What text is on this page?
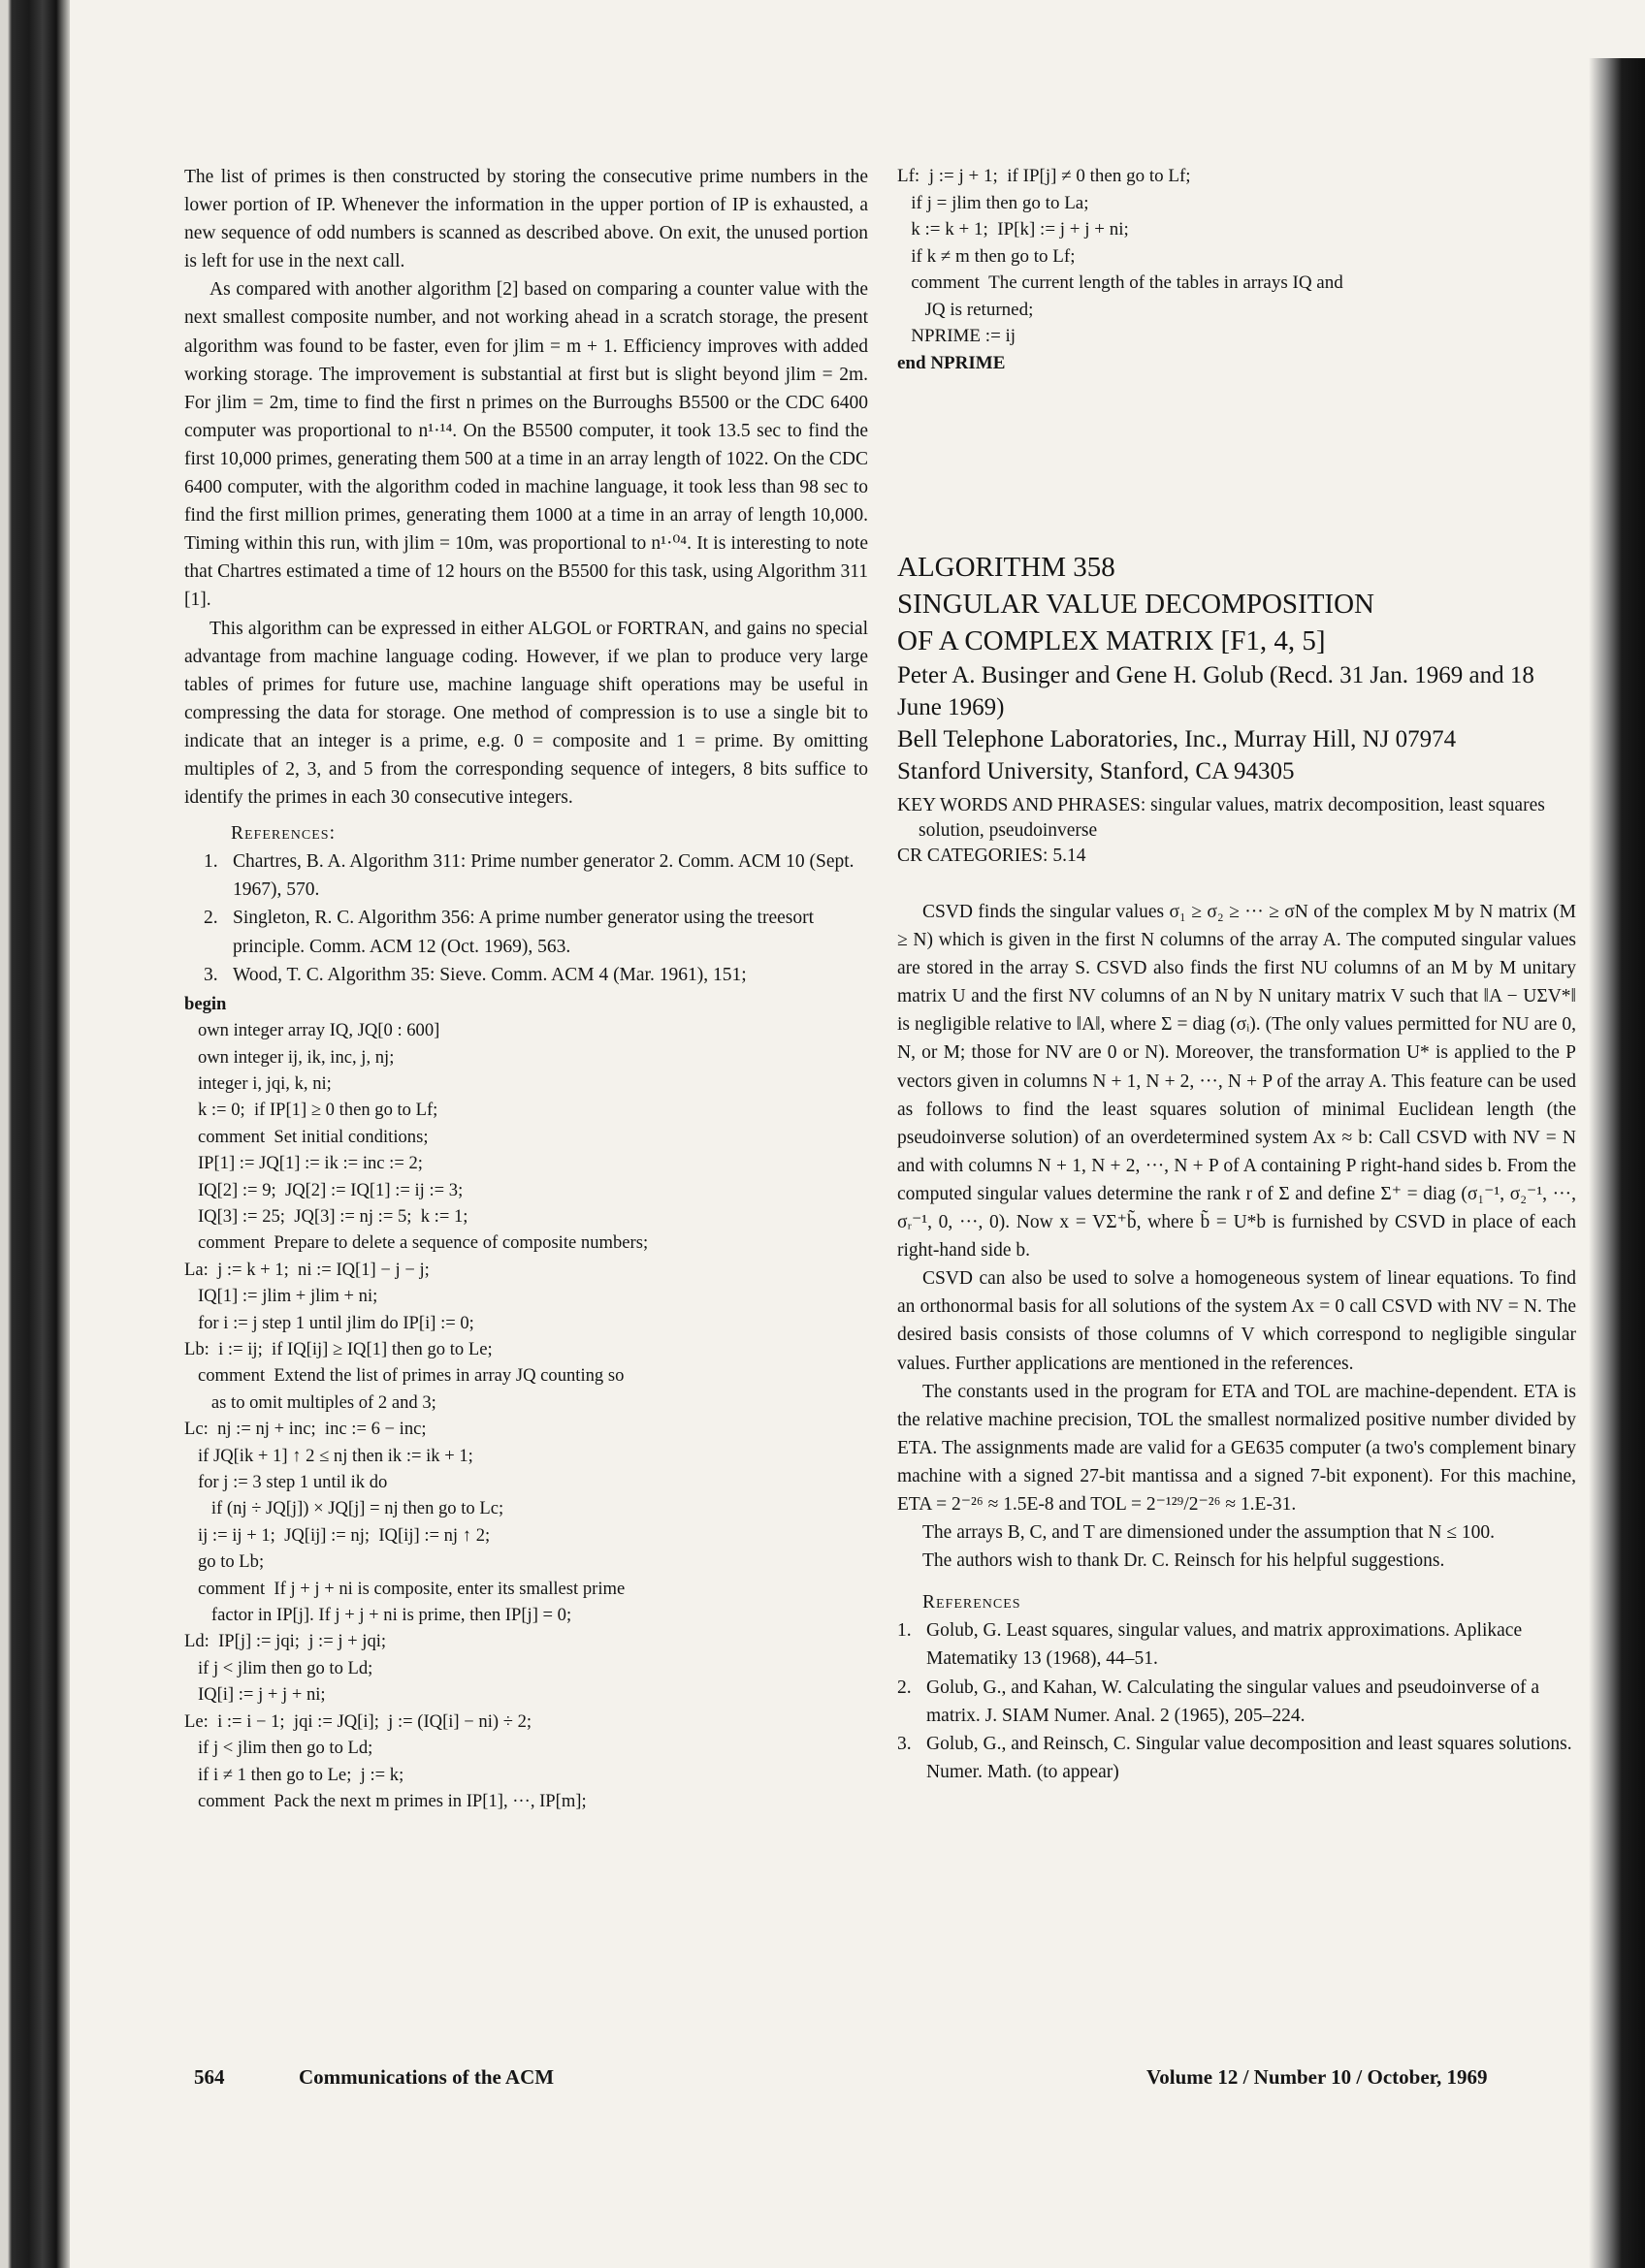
The list of primes is then constructed by storing the consecutive prime numbers in the lower portion of IP. Whenever the information in the upper portion of IP is exhausted, a new sequence of odd numbers is scanned as described above. On exit, the unused portion is left for use in the next call.

As compared with another algorithm [2] based on comparing a counter value with the next smallest composite number, and not working ahead in a scratch storage, the present algorithm was found to be faster, even for jlim = m + 1. Efficiency improves with added working storage. The improvement is substantial at first but is slight beyond jlim = 2m. For jlim = 2m, time to find the first n primes on the Burroughs B5500 or the CDC 6400 computer was proportional to n¹·¹⁴. On the B5500 computer, it took 13.5 sec to find the first 10,000 primes, generating them 500 at a time in an array length of 1022. On the CDC 6400 computer, with the algorithm coded in machine language, it took less than 98 sec to find the first million primes, generating them 1000 at a time in an array of length 10,000. Timing within this run, with jlim = 10m, was proportional to n¹·⁰⁴. It is interesting to note that Chartres estimated a time of 12 hours on the B5500 for this task, using Algorithm 311 [1].

This algorithm can be expressed in either ALGOL or FORTRAN, and gains no special advantage from machine language coding. However, if we plan to produce very large tables of primes for future use, machine language shift operations may be useful in compressing the data for storage. One method of compression is to use a single bit to indicate that an integer is a prime, e.g. 0 = composite and 1 = prime. By omitting multiples of 2, 3, and 5 from the corresponding sequence of integers, 8 bits suffice to identify the primes in each 30 consecutive integers.

References:
1. Chartres, B. A. Algorithm 311: Prime number generator 2. Comm. ACM 10 (Sept. 1967), 570.
2. Singleton, R. C. Algorithm 356: A prime number generator using the treesort principle. Comm. ACM 12 (Oct. 1969), 563.
3. Wood, T. C. Algorithm 35: Sieve. Comm. ACM 4 (Mar. 1961), 151;
begin
own integer array IQ, JQ[0 : 600]
own integer ij, ik, inc, j, nj;
integer i, jqi, k, ni;
k := 0;  if IP[1] ≥ 0 then go to Lf;
comment  Set initial conditions;
IP[1] := JQ[1] := ik := inc := 2;
IQ[2] := 9;  JQ[2] := IQ[1] := ij := 3;
IQ[3] := 25;  JQ[3] := nj := 5;  k := 1;
comment  Prepare to delete a sequence of composite numbers;
La:  j := k + 1;  ni := IQ[1] − j − j;
IQ[1] := jlim + jlim + ni;
for i := j step 1 until jlim do IP[i] := 0;
Lb:  i := ij;  if IQ[ij] ≥ IQ[1] then go to Le;
comment  Extend the list of primes in array JQ counting so
as to omit multiples of 2 and 3;
Lc:  nj := nj + inc;  inc := 6 − inc;
if JQ[ik + 1] ↑ 2 ≤ nj then ik := ik + 1;
for j := 3 step 1 until ik do
if (nj ÷ JQ[j]) × JQ[j] = nj then go to Lc;
ij := ij + 1;  JQ[ij] := nj;  IQ[ij] := nj ↑ 2;
go to Lb;
comment  If j + j + ni is composite, enter its smallest prime
factor in IP[j]. If j + j + ni is prime, then IP[j] = 0;
Ld:  IP[j] := jqi;  j := j + jqi;
if j < jlim then go to Ld;
IQ[i] := j + j + ni;
Le:  i := i − 1;  jqi := JQ[i];  j := (IQ[i] − ni) ÷ 2;
if j < jlim then go to Ld;
if i ≠ 1 then go to Le;  j := k;
comment  Pack the next m primes in IP[1], ···, IP[m];
Lf:  j := j + 1;  if IP[j] ≠ 0 then go to Lf;
if j = jlim then go to La;
k := k + 1;  IP[k] := j + j + ni;
if k ≠ m then go to Lf;
comment  The current length of the tables in arrays IQ and
JQ is returned;
NPRIME := ij
end NPRIME
ALGORITHM 358
SINGULAR VALUE DECOMPOSITION
OF A COMPLEX MATRIX [F1, 4, 5]
Peter A. Businger and Gene H. Golub (Recd. 31 Jan. 1969 and 18 June 1969)
Bell Telephone Laboratories, Inc., Murray Hill, NJ 07974
Stanford University, Stanford, CA 94305
KEY WORDS AND PHRASES: singular values, matrix decomposition, least squares solution, pseudoinverse
CR CATEGORIES: 5.14

CSVD finds the singular values σ₁ ≥ σ₂ ≥ ··· ≥ σN of the complex M by N matrix (M ≥ N) which is given in the first N columns of the array A. The computed singular values are stored in the array S. CSVD also finds the first NU columns of an M by M unitary matrix U and the first NV columns of an N by N unitary matrix V such that ‖A − UΣV*‖ is negligible relative to ‖A‖, where Σ = diag (σᵢ). (The only values permitted for NU are 0, N, or M; those for NV are 0 or N). Moreover, the transformation U* is applied to the P vectors given in columns N + 1, N + 2, ···, N + P of the array A. This feature can be used as follows to find the least squares solution of minimal Euclidean length (the pseudoinverse solution) of an overdetermined system Ax ≈ b: Call CSVD with NV = N and with columns N + 1, N + 2, ···, N + P of A containing P right-hand sides b. From the computed singular values determine the rank r of Σ and define Σ⁺ = diag (σ₁⁻¹, σ₂⁻¹, ···, σᵣ⁻¹, 0, ···, 0). Now x = VΣ⁺b̃, where b̃ = U*b is furnished by CSVD in place of each right-hand side b.

CSVD can also be used to solve a homogeneous system of linear equations. To find an orthonormal basis for all solutions of the system Ax = 0 call CSVD with NV = N. The desired basis consists of those columns of V which correspond to negligible singular values. Further applications are mentioned in the references.

The constants used in the program for ETA and TOL are machine-dependent. ETA is the relative machine precision, TOL the smallest normalized positive number divided by ETA. The assignments made are valid for a GE635 computer (a two's complement binary machine with a signed 27-bit mantissa and a signed 7-bit exponent). For this machine, ETA = 2⁻²⁶ ≈ 1.5E-8 and TOL = 2⁻¹²⁹/2⁻²⁶ ≈ 1.E-31.

The arrays B, C, and T are dimensioned under the assumption that N ≤ 100.

The authors wish to thank Dr. C. Reinsch for his helpful suggestions.

References
1. Golub, G. Least squares, singular values, and matrix approximations. Aplikace Matematiky 13 (1968), 44–51.
2. Golub, G., and Kahan, W. Calculating the singular values and pseudoinverse of a matrix. J. SIAM Numer. Anal. 2 (1965), 205–224.
3. Golub, G., and Reinsch, C. Singular value decomposition and least squares solutions. Numer. Math. (to appear)
564	Communications of the ACM	Volume 12 / Number 10 / October, 1969
